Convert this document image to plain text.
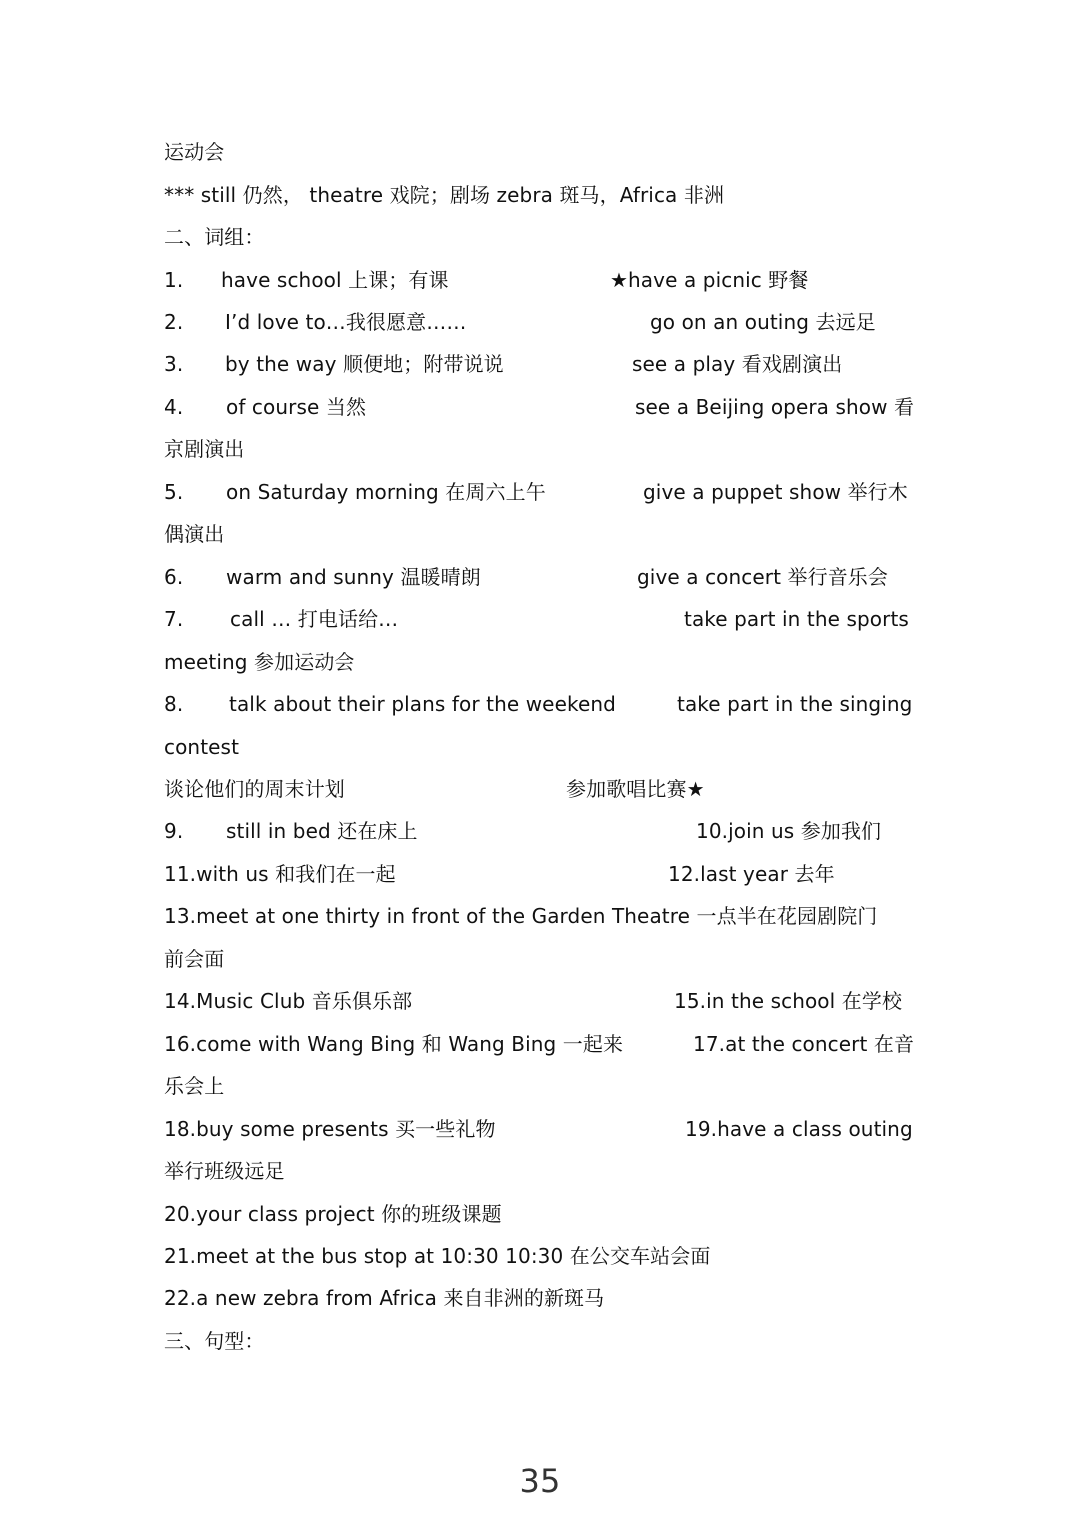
运动会
*** still 仍然， theatre 戏院；剧场 zebra 斑马，Africa 非洲
二、词组：
1. have school 上课；有课	★have a picnic 野餐
2. I’d love to…我很愿意……	go on an outing 去远足
3. by the way 顺便地；附带说说	see a play 看戏剧演出
4. of course 当然	see a Beijing opera show 看
京剧演出
5. on Saturday morning 在周六上午	give a puppet show 举行木
偶演出
6. warm and sunny 温暖晴朗	give a concert 举行音乐会
7. call … 打电话给…	take part in the sports
meeting 参加运动会
8. talk about their plans for the weekend	take part in the singing
contest
谈论他们的周末计划	参加歌唱比赛★
9. still in bed 还在床上	10.join us 参加我们
11.with us 和我们在一起	12.last year 去年
13.meet at one thirty in front of the Garden Theatre 一点半在花园剧院门
前会面
14.Music Club 音乐俱乐部	15.in the school 在学校
16.come with Wang Bing 和 Wang Bing 一起来	17.at the concert 在音
乐会上
18.buy some presents 买一些礼物	19.have a class outing
举行班级远足
20.your class project 你的班级课题
21.meet at the bus stop at 10:30 10:30 在公交车站会面
22.a new zebra from Africa 来自非洲的新斑马
三、句型：
35
